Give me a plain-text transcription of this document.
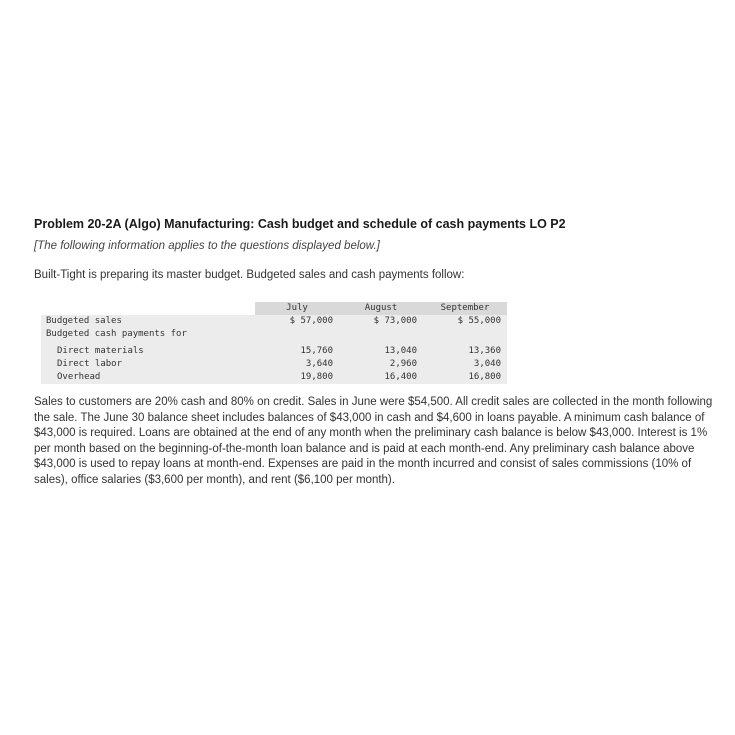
Problem 20-2A (Algo) Manufacturing: Cash budget and schedule of cash payments LO P2
[The following information applies to the questions displayed below.]
Built-Tight is preparing its master budget. Budgeted sales and cash payments follow:
	July	August	September
Budgeted sales	$ 57,000	$ 73,000	$ 55,000
Budgeted cash payments for			

Direct materials	15,760	13,040	13,360
Direct labor	3,640	2,960	3,040
Overhead	19,800	16,400	16,800
Sales to customers are 20% cash and 80% on credit. Sales in June were $54,500. All credit sales are collected in the month following the sale. The June 30 balance sheet includes balances of $43,000 in cash and $4,600 in loans payable. A minimum cash balance of $43,000 is required. Loans are obtained at the end of any month when the preliminary cash balance is below $43,000. Interest is 1% per month based on the beginning-of-the-month loan balance and is paid at each month-end. Any preliminary cash balance above $43,000 is used to repay loans at month-end. Expenses are paid in the month incurred and consist of sales commissions (10% of sales), office salaries ($3,600 per month), and rent ($6,100 per month).
